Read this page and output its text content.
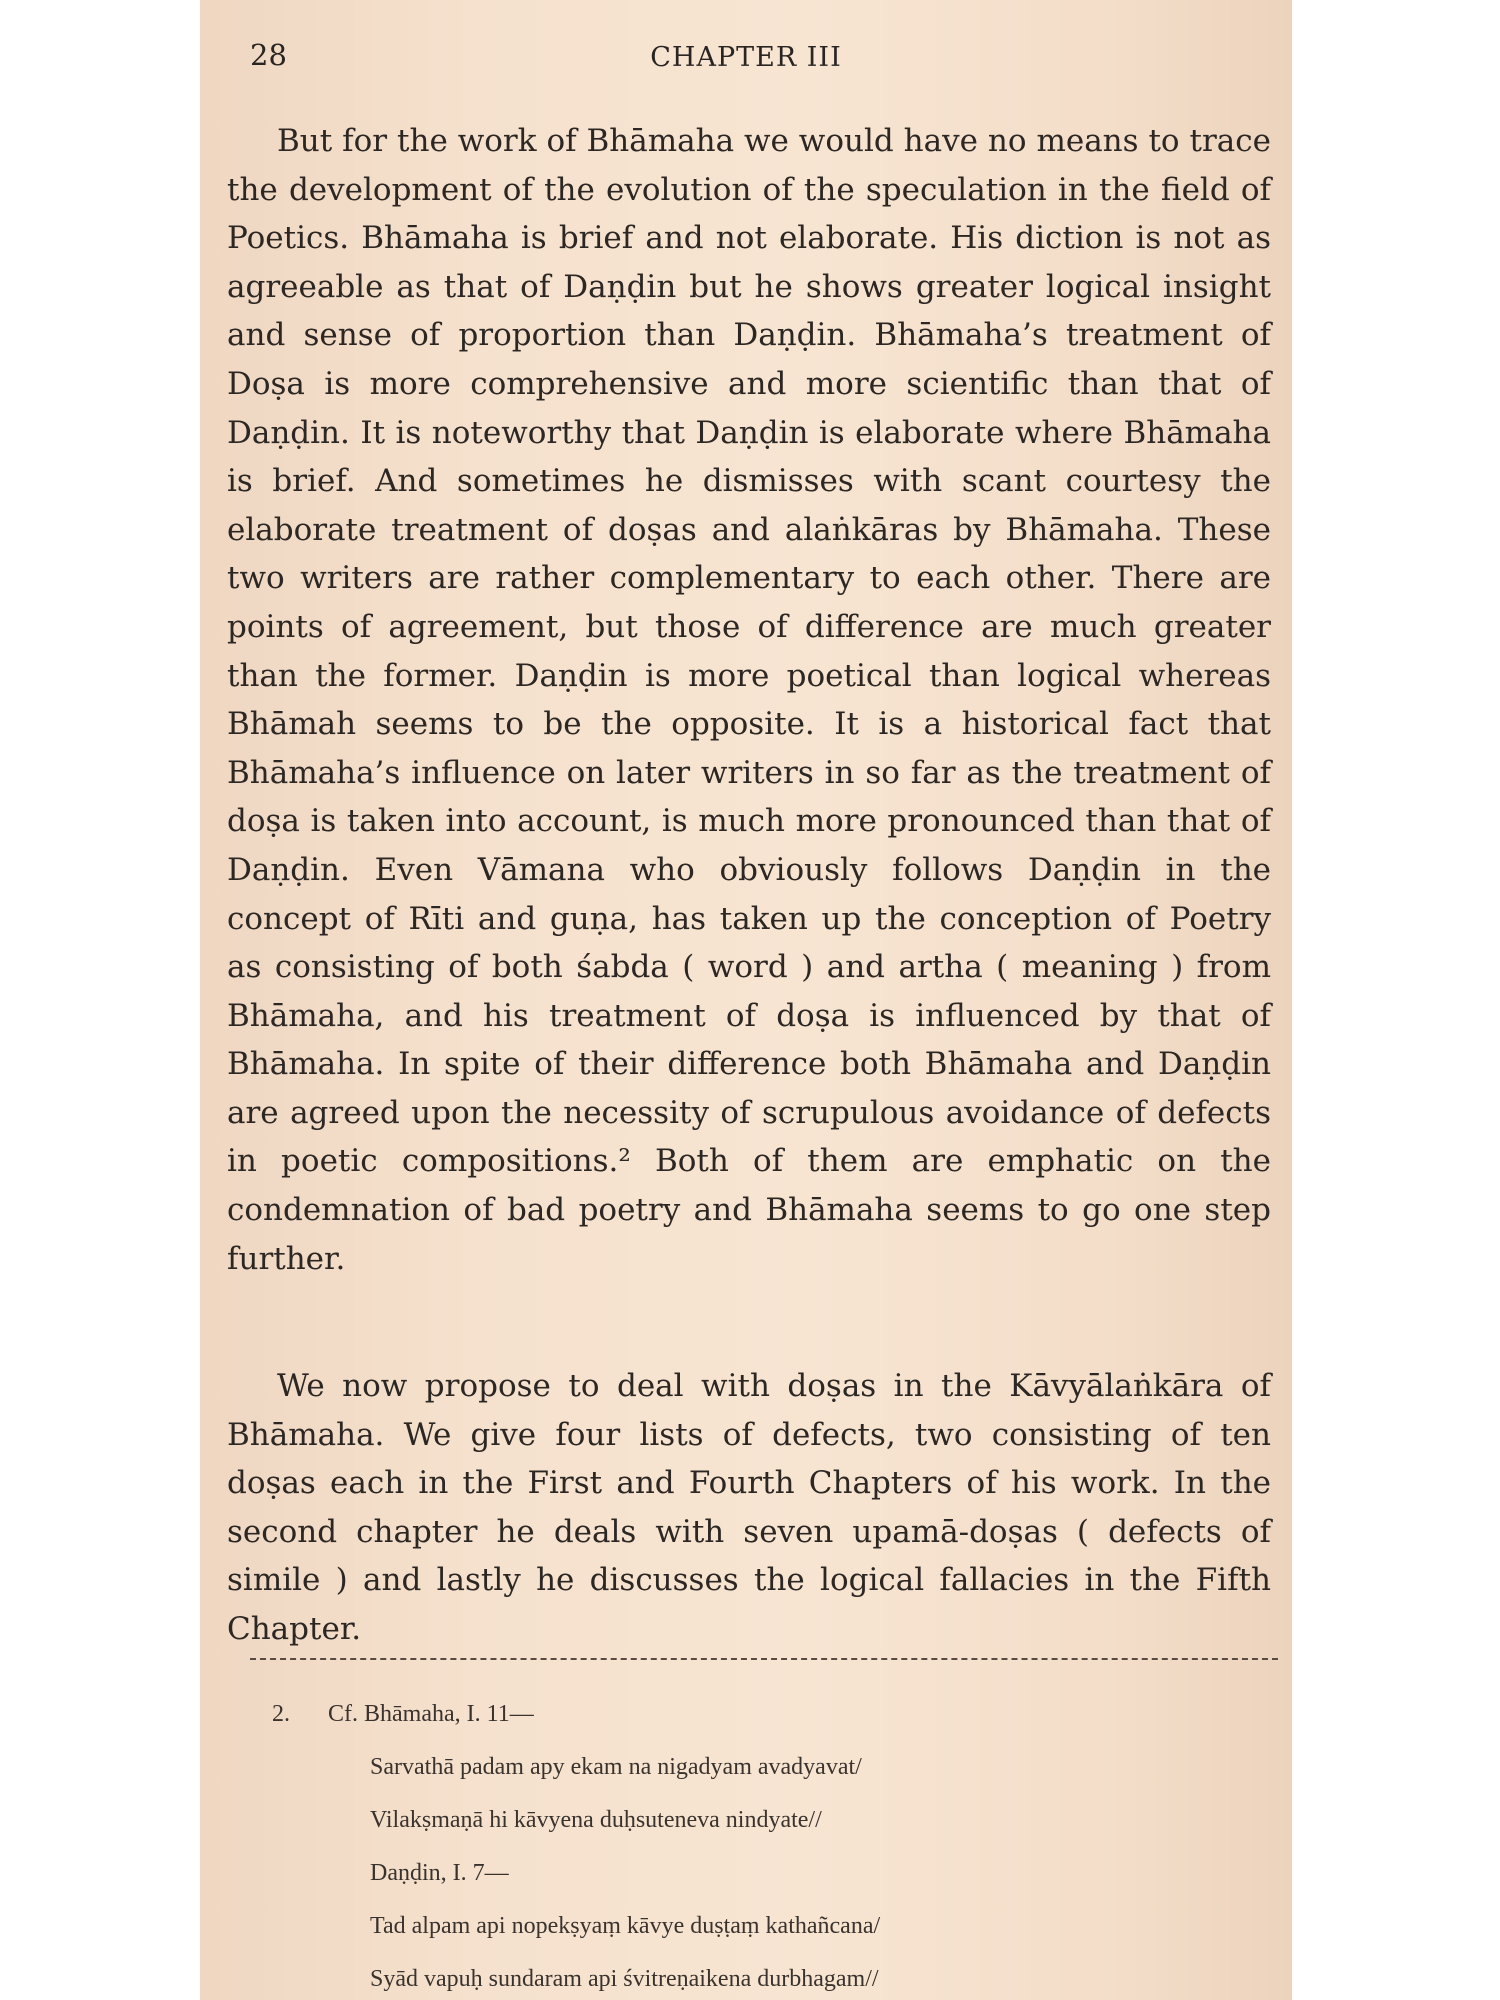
28	CHAPTER III

But for the work of Bhāmaha we would have no means to trace the development of the evolution of the speculation in the field of Poetics. Bhāmaha is brief and not elaborate. His diction is not as agreeable as that of Daṇḍin but he shows greater logical insight and sense of proportion than Daṇḍin. Bhāmaha’s treatment of Doṣa is more comprehensive and more scientific than that of Daṇḍin. It is noteworthy that Daṇḍin is elaborate where Bhāmaha is brief. And sometimes he dismisses with scant courtesy the elaborate treatment of doṣas and alaṅkāras by Bhāmaha. These two writers are rather complementary to each other. There are points of agreement, but those of difference are much greater than the former. Daṇḍin is more poetical than logical whereas Bhāmah seems to be the opposite. It is a historical fact that Bhāmaha’s influence on later writers in so far as the treatment of doṣa is taken into account, is much more pronounced than that of Daṇḍin. Even Vāmana who obviously follows Daṇḍin in the concept of Rīti and guṇa, has taken up the conception of Poetry as consisting of both śabda ( word ) and artha ( meaning ) from Bhāmaha, and his treatment of doṣa is influenced by that of Bhāmaha. In spite of their difference both Bhāmaha and Daṇḍin are agreed upon the necessity of scrupulous avoidance of defects in poetic compositions.² Both of them are emphatic on the condemnation of bad poetry and Bhāmaha seems to go one step further.

We now propose to deal with doṣas in the Kāvyālaṅkāra of Bhāmaha. We give four lists of defects, two consisting of ten doṣas each in the First and Fourth Chapters of his work. In the second chapter he deals with seven upamā-doṣas ( defects of simile ) and lastly he discusses the logical fallacies in the Fifth Chapter.

2. Cf. Bhāmaha, I. 11—
Sarvathā padam apy ekam na nigadyam avadyavat/
Vilakṣmaṇā hi kāvyena duḥsuteneva nindyate//
Daṇḍin, I. 7—
Tad alpam api nopekṣyaṃ kāvye duṣṭaṃ kathañcana/
Syād vapuḥ sundaram api śvitreṇaikena durbhagam//
